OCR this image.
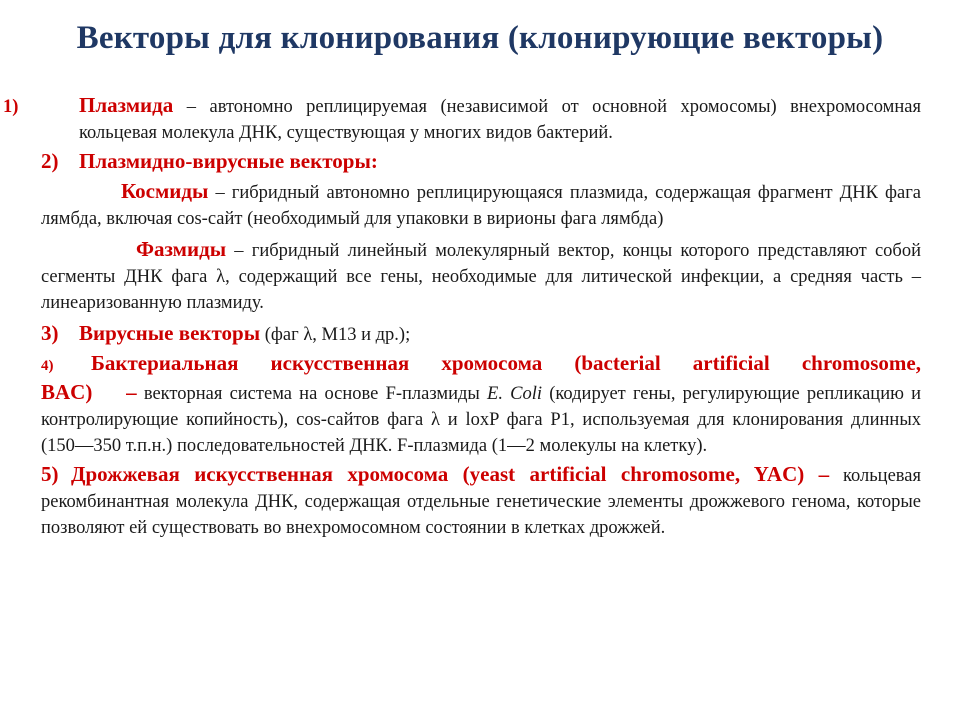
Векторы для клонирования (клонирующие векторы)

1)	Плазмида – автономно реплицируемая (независимой от основной хромосомы) внехромосомная кольцевая молекула ДНК, существующая у многих видов бактерий.

2) Плазмидно-вирусные векторы:

Космиды – гибридный автономно реплицирующаяся плазмида, содержащая фрагмент ДНК фага лямбда, включая cos-сайт (необходимый для упаковки в вирионы фага лямбда)

Фазмиды – гибридный линейный молекулярный вектор, концы которого представляют собой сегменты ДНК фага λ, содержащий все гены, необходимые для литической инфекции, а средняя часть – линеаризованную плазмиду.

3) Вирусные векторы (фаг λ, М13 и др.);

4) Бактериальная искусственная хромосома (bacterial artificial chromosome, BAC) – векторная система на основе F-плазмиды E. Coli (кодирует гены, регулирующие репликацию и контролирующие копийность), cos-сайтов фага λ и loxP фага P1, используемая для клонирования длинных (150—350 т.п.н.) последовательностей ДНК. F-плазмида (1—2 молекулы на клетку).

5) Дрожжевая искусственная хромосома (yeast artificial chromosome, YAC) – кольцевая рекомбинантная молекула ДНК, содержащая отдельные генетические элементы дрожжевого генома, которые позволяют ей существовать во внехромосомном состоянии в клетках дрожжей.
